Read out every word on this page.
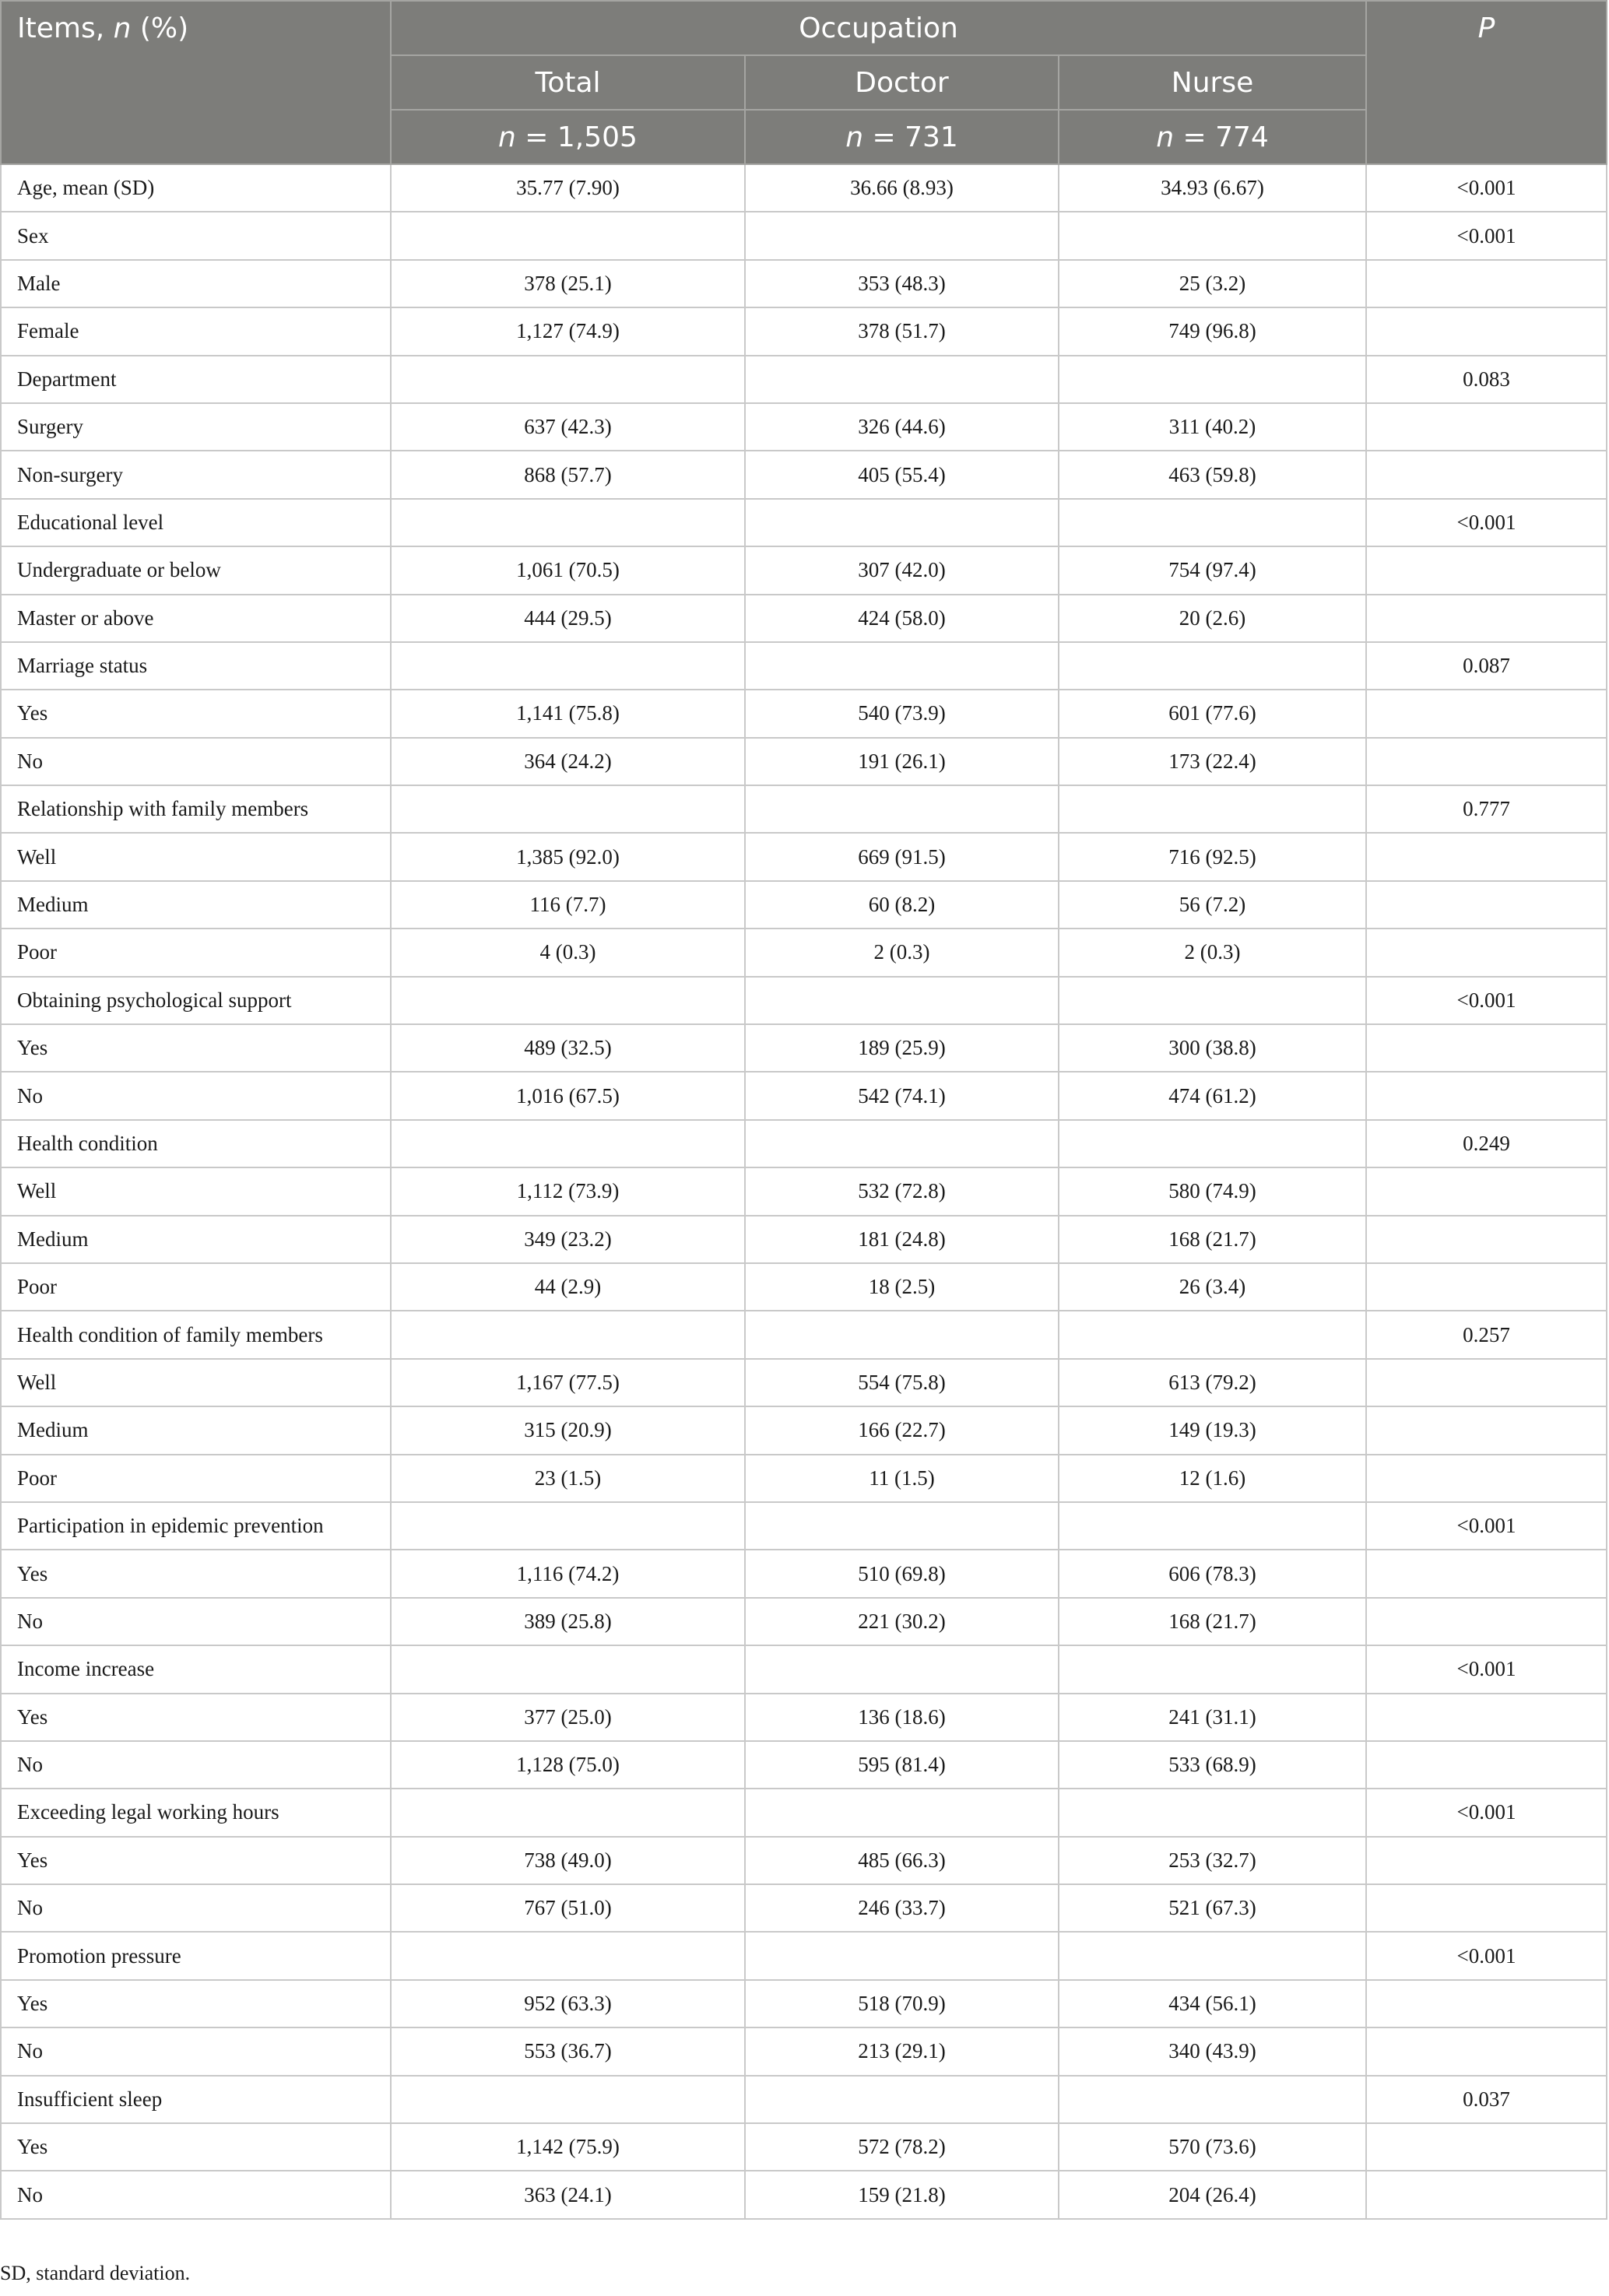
Items, n (%)	Occupation			P
	Total	Doctor	Nurse	
	n = 1,505	n = 731	n = 774	
Age, mean (SD)	35.77 (7.90)	36.66 (8.93)	34.93 (6.67)	<0.001
Sex				<0.001
Male	378 (25.1)	353 (48.3)	25 (3.2)	
Female	1,127 (74.9)	378 (51.7)	749 (96.8)	
Department				0.083
Surgery	637 (42.3)	326 (44.6)	311 (40.2)	
Non-surgery	868 (57.7)	405 (55.4)	463 (59.8)	
Educational level				<0.001
Undergraduate or below	1,061 (70.5)	307 (42.0)	754 (97.4)	
Master or above	444 (29.5)	424 (58.0)	20 (2.6)	
Marriage status				0.087
Yes	1,141 (75.8)	540 (73.9)	601 (77.6)	
No	364 (24.2)	191 (26.1)	173 (22.4)	
Relationship with family members				0.777
Well	1,385 (92.0)	669 (91.5)	716 (92.5)	
Medium	116 (7.7)	60 (8.2)	56 (7.2)	
Poor	4 (0.3)	2 (0.3)	2 (0.3)	
Obtaining psychological support				<0.001
Yes	489 (32.5)	189 (25.9)	300 (38.8)	
No	1,016 (67.5)	542 (74.1)	474 (61.2)	
Health condition				0.249
Well	1,112 (73.9)	532 (72.8)	580 (74.9)	
Medium	349 (23.2)	181 (24.8)	168 (21.7)	
Poor	44 (2.9)	18 (2.5)	26 (3.4)	
Health condition of family members				0.257
Well	1,167 (77.5)	554 (75.8)	613 (79.2)	
Medium	315 (20.9)	166 (22.7)	149 (19.3)	
Poor	23 (1.5)	11 (1.5)	12 (1.6)	
Participation in epidemic prevention				<0.001
Yes	1,116 (74.2)	510 (69.8)	606 (78.3)	
No	389 (25.8)	221 (30.2)	168 (21.7)	
Income increase				<0.001
Yes	377 (25.0)	136 (18.6)	241 (31.1)	
No	1,128 (75.0)	595 (81.4)	533 (68.9)	
Exceeding legal working hours				<0.001
Yes	738 (49.0)	485 (66.3)	253 (32.7)	
No	767 (51.0)	246 (33.7)	521 (67.3)	
Promotion pressure				<0.001
Yes	952 (63.3)	518 (70.9)	434 (56.1)	
No	553 (36.7)	213 (29.1)	340 (43.9)	
Insufficient sleep				0.037
Yes	1,142 (75.9)	572 (78.2)	570 (73.6)	
No	363 (24.1)	159 (21.8)	204 (26.4)	
SD, standard deviation.
